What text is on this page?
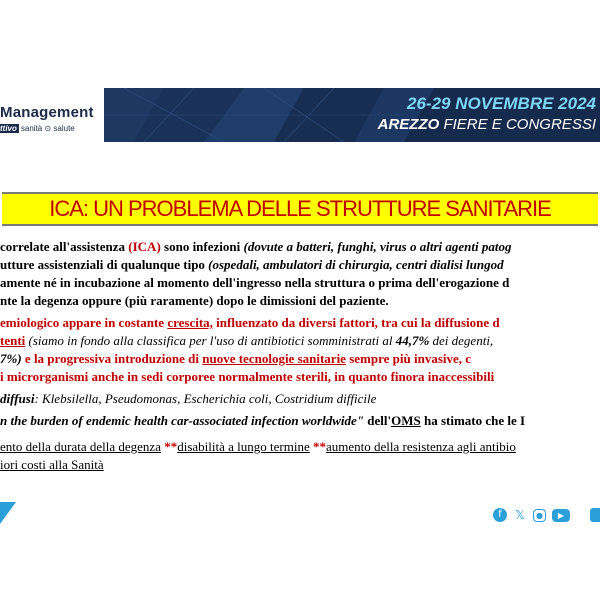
Management
ttivo sanità ⊙ salute
26-29 NOVEMBRE 2024
AREZZO FIERE E CONGRESSI
ICA: UN PROBLEMA DELLE STRUTTURE SANITARIE
correlate all'assistenza (ICA) sono infezioni (dovute a batteri, funghi, virus o altri agenti patog
utture assistenziali di qualunque tipo (ospedali, ambulatori di chirurgia, centri dialisi lungod
amente né in incubazione al momento dell'ingresso nella struttura o prima dell'erogazione d
nte la degenza oppure (più raramente) dopo le dimissioni del paziente.
emiologico appare in costante crescita, influenzato da diversi fattori, tra cui la diffusione d
tenti (siamo in fondo alla classifica per l'uso di antibiotici somministrati al 44,7% dei degenti,
7%) e la progressiva introduzione di nuove tecnologie sanitarie sempre più invasive, c
i microrganismi anche in sedi corporee normalmente sterili, in quanto finora inaccessibili
diffusi: Klebsilella, Pseudomonas, Escherichia coli, Costridium difficile
n the burden of endemic health car-associated infection worldwide" dell'OMS ha stimato che le I
ento della durata della degenza **disabilità a lungo termine **aumento della resistenza agli antibio
iori costi alla Sanità
f	𝕏	●	▶
